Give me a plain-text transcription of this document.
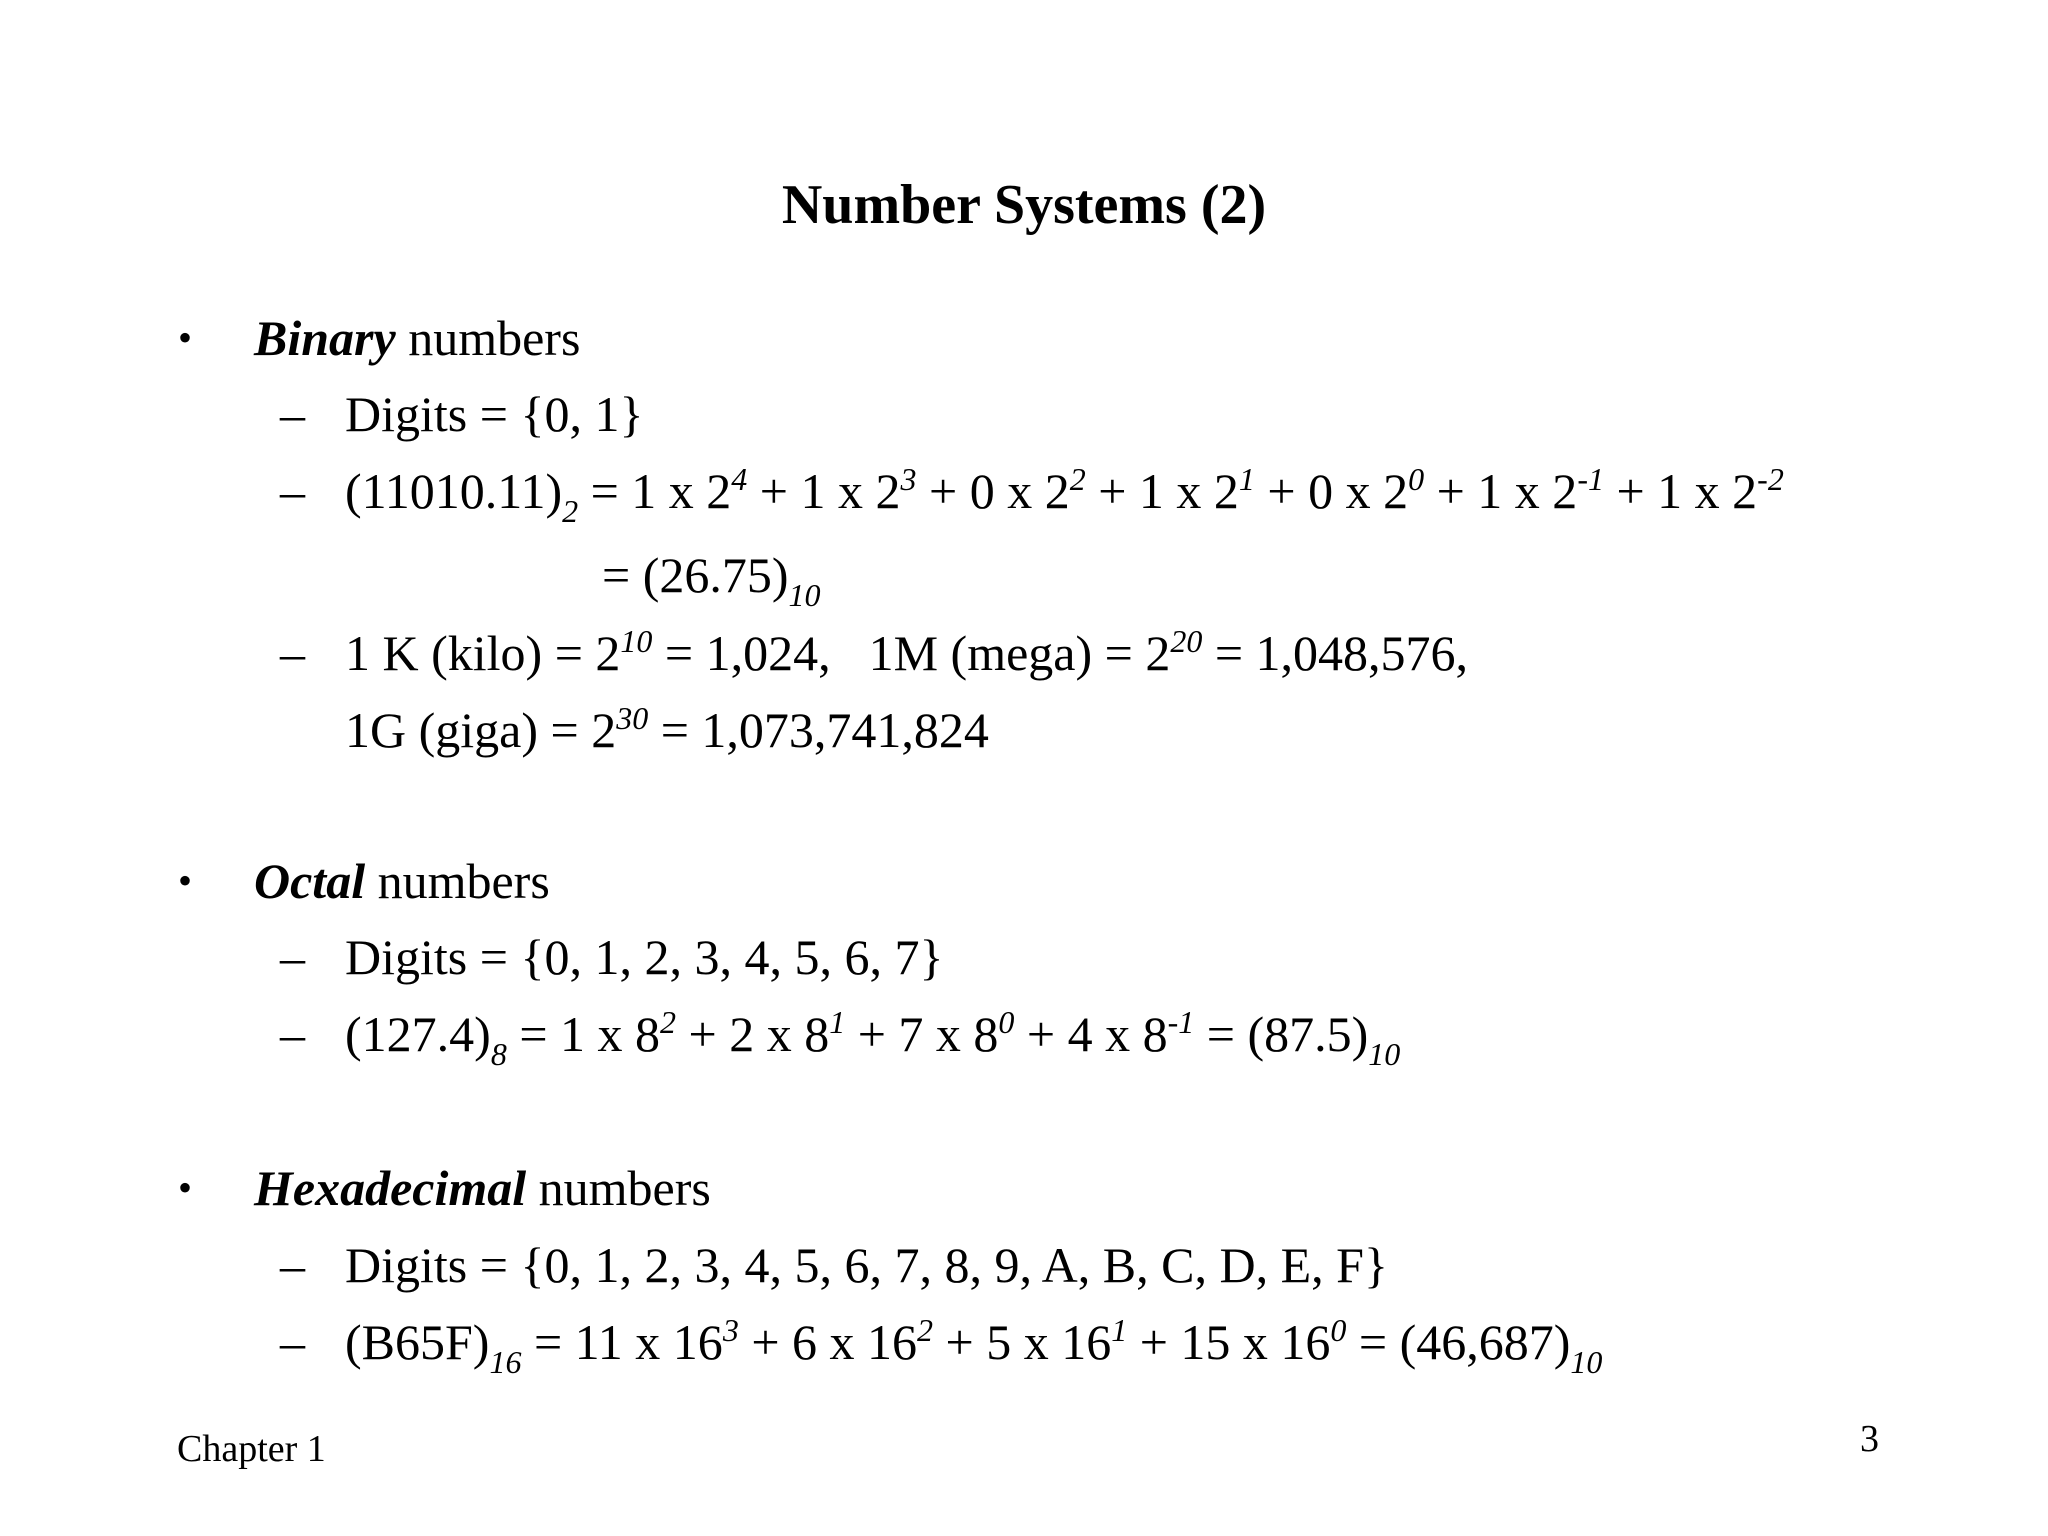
Number Systems (2)
• Binary numbers
– Digits = {0, 1}
– $(11010.11)_2 = 1$ x $2^4 + 1$ x $2^3 + 0$ x $2^2 + 1$ x $2^1 + 0$ x $2^0 + 1$ x $2^{-1} + 1$ x $2^{-2}$
= $(26.75)_{10}$
– 1 K (kilo) = $2^{10} = 1,024$, 1M (mega) = $2^{20} = 1,048,576$,
1G (giga) = $2^{30} = 1,073,741,824$
• Octal numbers
– Digits = {0, 1, 2, 3, 4, 5, 6, 7}
– $(127.4)_8 = 1$ x $8^2 + 2$ x $8^1 + 7$ x $8^0 + 4$ x $8^{-1} = (87.5)_{10}$
• Hexadecimal numbers
– Digits = {0, 1, 2, 3, 4, 5, 6, 7, 8, 9, A, B, C, D, E, F}
– $(B65F)_{16} = 11$ x $16^3 + 6$ x $16^2 + 5$ x $16^1 + 15$ x $16^0 = (46,687)_{10}$
Chapter 1	3
